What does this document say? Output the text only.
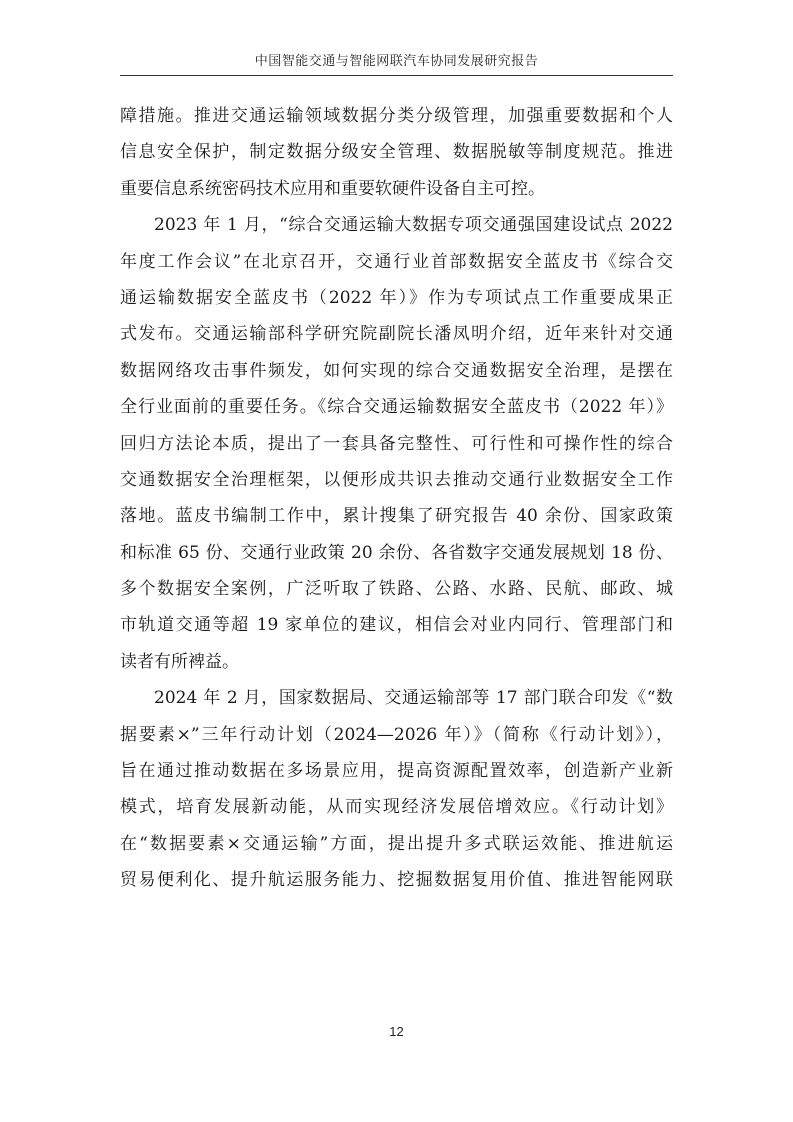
中国智能交通与智能网联汽车协同发展研究报告
障措施。推进交通运输领域数据分类分级管理，加强重要数据和个人
信息安全保护，制定数据分级安全管理、数据脱敏等制度规范。推进
重要信息系统密码技术应用和重要软硬件设备自主可控。
2023 年 1 月，“综合交通运输大数据专项交通强国建设试点 2022
年度工作会议”在北京召开，交通行业首部数据安全蓝皮书《综合交
通运输数据安全蓝皮书（2022 年）》作为专项试点工作重要成果正
式发布。交通运输部科学研究院副院长潘凤明介绍，近年来针对交通
数据网络攻击事件频发，如何实现的综合交通数据安全治理，是摆在
全行业面前的重要任务。《综合交通运输数据安全蓝皮书（2022 年）》
回归方法论本质，提出了一套具备完整性、可行性和可操作性的综合
交通数据安全治理框架，以便形成共识去推动交通行业数据安全工作
落地。蓝皮书编制工作中，累计搜集了研究报告 40 余份、国家政策
和标准 65 份、交通行业政策 20 余份、各省数字交通发展规划 18 份、
多个数据安全案例，广泛听取了铁路、公路、水路、民航、邮政、城
市轨道交通等超 19 家单位的建议，相信会对业内同行、管理部门和
读者有所裨益。
2024 年 2 月，国家数据局、交通运输部等 17 部门联合印发《“数
据要素×”三年行动计划（2024—2026 年）》（简称《行动计划》），
旨在通过推动数据在多场景应用，提高资源配置效率，创造新产业新
模式，培育发展新动能，从而实现经济发展倍增效应。《行动计划》
在“数据要素×交通运输”方面，提出提升多式联运效能、推进航运
贸易便利化、提升航运服务能力、挖掘数据复用价值、推进智能网联
12
